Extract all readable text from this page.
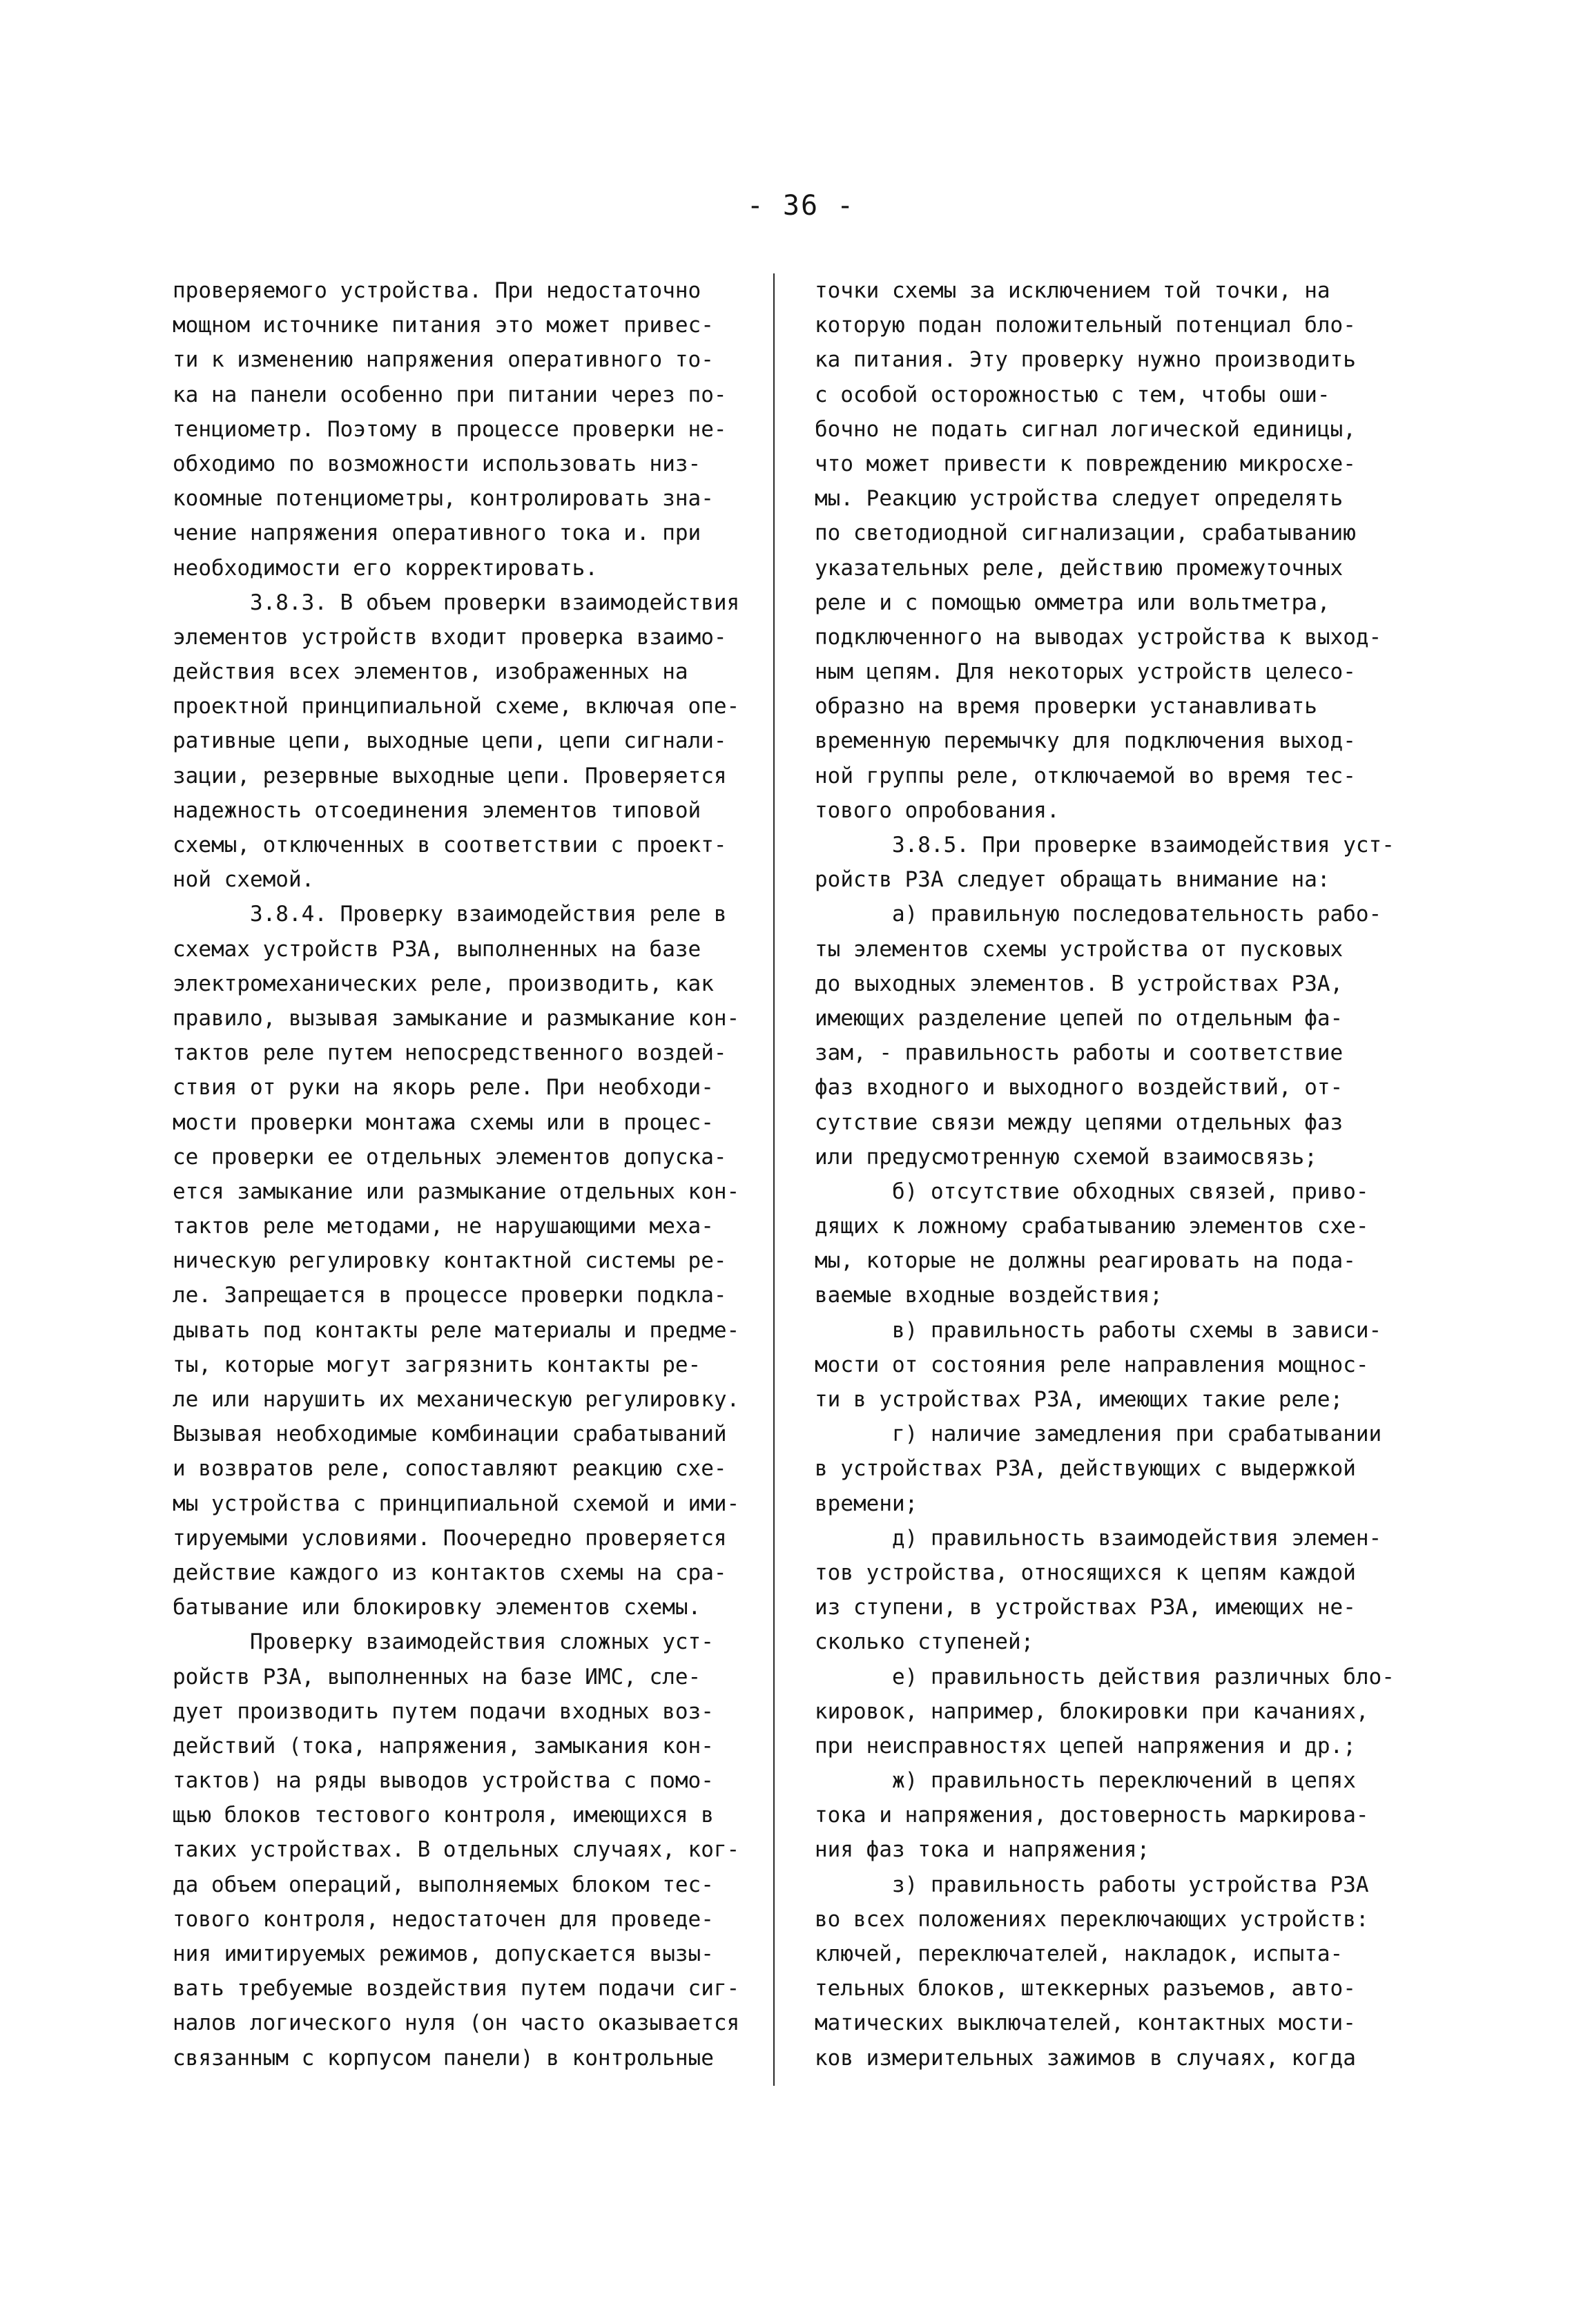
- 36 -
проверяемого устройства. При недостаточно
мощном источнике питания это может привес-
ти к изменению напряжения оперативного то-
ка на панели особенно при питании через по-
тенциометр. Поэтому в процессе проверки не-
обходимо по возможности использовать низ-
коомные потенциометры, контролировать зна-
чение напряжения оперативного тока и. при
необходимости его корректировать.
3.8.3. В объем проверки взаимодействия
элементов устройств входит проверка взаимо-
действия всех элементов, изображенных на
проектной принципиальной схеме, включая опе-
ративные цепи, выходные цепи, цепи сигнали-
зации, резервные выходные цепи. Проверяется
надежность отсоединения элементов типовой
схемы, отключенных в соответствии с проект-
ной схемой.
3.8.4. Проверку взаимодействия реле в
схемах устройств РЗА, выполненных на базе
электромеханических реле, производить, как
правило, вызывая замыкание и размыкание кон-
тактов реле путем непосредственного воздей-
ствия от руки на якорь реле. При необходи-
мости проверки монтажа схемы или в процес-
се проверки ее отдельных элементов допуска-
ется замыкание или размыкание отдельных кон-
тактов реле методами, не нарушающими меха-
ническую регулировку контактной системы ре-
ле. Запрещается в процессе проверки подкла-
дывать под контакты реле материалы и предме-
ты, которые могут загрязнить контакты ре-
ле или нарушить их механическую регулировку.
Вызывая необходимые комбинации срабатываний
и возвратов реле, сопоставляют реакцию схе-
мы устройства с принципиальной схемой и ими-
тируемыми условиями. Поочередно проверяется
действие каждого из контактов схемы на сра-
батывание или блокировку элементов схемы.
Проверку взаимодействия сложных уст-
ройств РЗА, выполненных на базе ИМС, сле-
дует производить путем подачи входных воз-
действий (тока, напряжения, замыкания кон-
тактов) на ряды выводов устройства с помо-
щью блоков тестового контроля, имеющихся в
таких устройствах. В отдельных случаях, ког-
да объем операций, выполняемых блоком тес-
тового контроля, недостаточен для проведе-
ния имитируемых режимов, допускается вызы-
вать требуемые воздействия путем подачи сиг-
налов логического нуля (он часто оказывается
связанным с корпусом панели) в контрольные
точки схемы за исключением той точки, на
которую подан положительный потенциал бло-
ка питания. Эту проверку нужно производить
с особой осторожностью с тем, чтобы оши-
бочно не подать сигнал логической единицы,
что может привести к повреждению микросхе-
мы. Реакцию устройства следует определять
по светодиодной сигнализации, срабатыванию
указательных реле, действию промежуточных
реле и с помощью омметра или вольтметра,
подключенного на выводах устройства к выход-
ным цепям. Для некоторых устройств целесо-
образно на время проверки устанавливать
временную перемычку для подключения выход-
ной группы реле, отключаемой во время тес-
тового опробования.
3.8.5. При проверке взаимодействия уст-
ройств РЗА следует обращать внимание на:
а) правильную последовательность рабо-
ты элементов схемы устройства от пусковых
до выходных элементов. В устройствах РЗА,
имеющих разделение цепей по отдельным фа-
зам, - правильность работы и соответствие
фаз входного и выходного воздействий, от-
сутствие связи между цепями отдельных фаз
или предусмотренную схемой взаимосвязь;
б) отсутствие обходных связей, приво-
дящих к ложному срабатыванию элементов схе-
мы, которые не должны реагировать на пода-
ваемые входные воздействия;
в) правильность работы схемы в зависи-
мости от состояния реле направления мощнос-
ти в устройствах РЗА, имеющих такие реле;
г) наличие замедления при срабатывании
в устройствах РЗА, действующих с выдержкой
времени;
д) правильность взаимодействия элемен-
тов устройства, относящихся к цепям каждой
из ступени, в устройствах РЗА, имеющих не-
сколько ступеней;
е) правильность действия различных бло-
кировок, например, блокировки при качаниях,
при неисправностях цепей напряжения и др.;
ж) правильность переключений в цепях
тока и напряжения, достоверность маркирова-
ния фаз тока и напряжения;
з) правильность работы устройства РЗА
во всех положениях переключающих устройств:
ключей, переключателей, накладок, испыта-
тельных блоков, штеккерных разъемов, авто-
матических выключателей, контактных мости-
ков измерительных зажимов в случаях, когда
